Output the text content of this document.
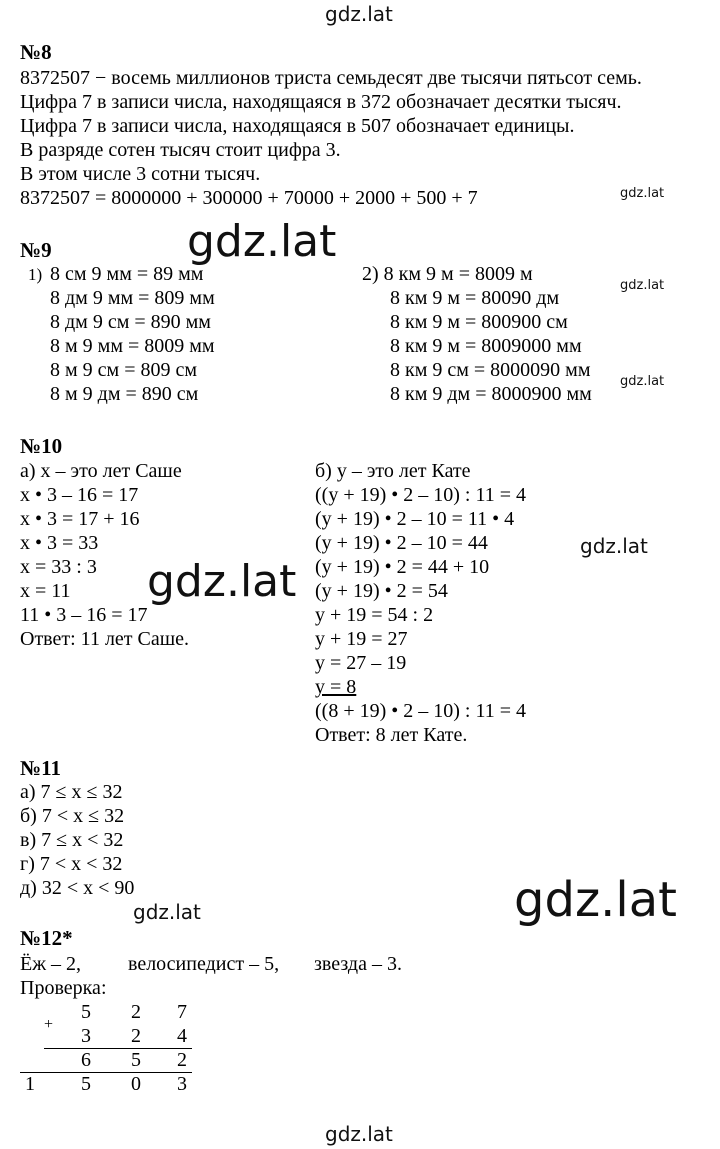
gdz.lat
gdz.lat
gdz.lat
gdz.lat
gdz.lat
gdz.lat
gdz.lat
gdz.lat
gdz.lat
gdz.lat
№8
8372507 − восемь миллионов триста семьдесят две тысячи пятьсот семь.
Цифра 7 в записи числа, находящаяся в 372 обозначает десятки тысяч.
Цифра 7 в записи числа, находящаяся в 507 обозначает единицы.
В разряде сотен тысяч стоит цифра 3.
В этом числе 3 сотни тысяч.
8372507 = 8000000 + 300000 + 70000 + 2000 + 500 + 7
№9
1) 8 см 9 мм = 89 мм
8 дм 9 мм = 809 мм
8 дм 9 см = 890 мм
8 м 9 мм = 8009 мм
8 м 9 см = 809 см
8 м 9 дм = 890 см
2) 8 км 9 м = 8009 м
8 км 9 м = 80090 дм
8 км 9 м = 800900 см
8 км 9 м = 8009000 мм
8 км 9 см = 8000090 мм
8 км 9 дм = 8000900 мм
№10
а) x – это лет Саше
x • 3 – 16 = 17
x • 3 = 17 + 16
x • 3 = 33
x = 33 : 3
x = 11
11 • 3 – 16 = 17
Ответ: 11 лет Саше.
б) y – это лет Кате
((y + 19) • 2 – 10) : 11 = 4
(y + 19) • 2 – 10 = 11 • 4
(y + 19) • 2 – 10 = 44
(y + 19) • 2 = 44 + 10
(y + 19) • 2 = 54
y + 19 = 54 : 2
y + 19 = 27
y = 27 – 19
y = 8
((8 + 19) • 2 – 10) : 11 = 4
Ответ: 8 лет Кате.
№11
а) 7 ≤ x ≤ 32
б) 7 < x ≤ 32
в) 7 ≤ x < 32
г) 7 < x < 32
д) 32 < x < 90
№12*
Ёж – 2, велосипедист – 5, звезда – 3.
Проверка:
5 2 7
+
3 2 4
6 5 2
1 5 0 3
